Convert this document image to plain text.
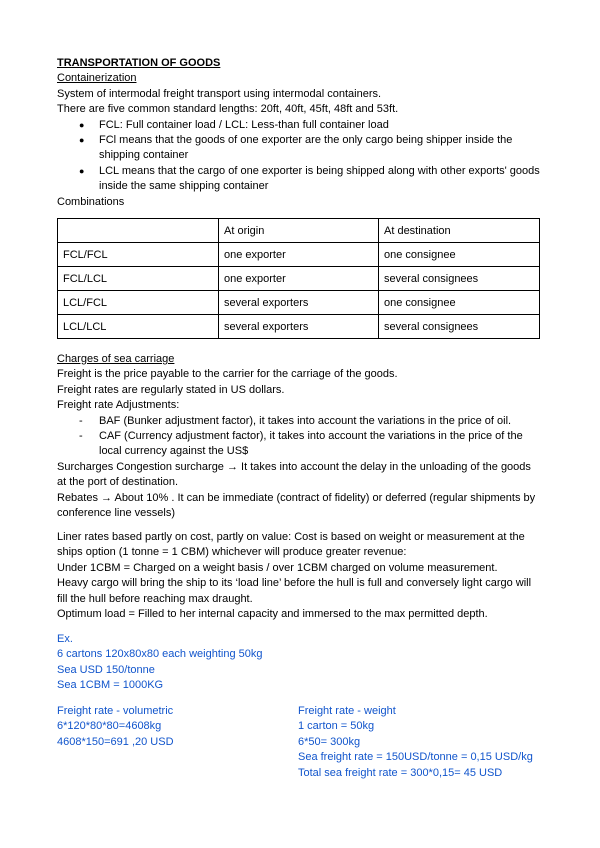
TRANSPORTATION OF GOODS
Containerization
System of intermodal freight transport using intermodal containers.
There are five common standard lengths: 20ft, 40ft, 45ft, 48ft and 53ft.
● FCL: Full container load / LCL: Less-than full container load
● FCl means that the goods of one exporter are the only cargo being shipper inside the shipping container
● LCL means that the cargo of one exporter is being shipped along with other exports' goods inside the same shipping container
Combinations
	At origin	At destination
FCL/FCL	one exporter	one consignee
FCL/LCL	one exporter	several consignees
LCL/FCL	several exporters	one consignee
LCL/LCL	several exporters	several consignees
Charges of sea carriage
Freight is the price payable to the carrier for the carriage of the goods.
Freight rates are regularly stated in US dollars.
Freight rate Adjustments:
- BAF (Bunker adjustment factor), it takes into account the variations in the price of oil.
- CAF (Currency adjustment factor), it takes into account the variations in the price of the local currency against the US$
Surcharges Congestion surcharge → It takes into account the delay in the unloading of the goods at the port of destination.
Rebates → About 10% . It can be immediate (contract of fidelity) or deferred (regular shipments by conference line vessels)
Liner rates based partly on cost, partly on value: Cost is based on weight or measurement at the ships option (1 tonne = 1 CBM) whichever will produce greater revenue:
Under 1CBM = Charged on a weight basis / over 1CBM charged on volume measurement.
Heavy cargo will bring the ship to its ‘load line’ before the hull is full and conversely light cargo will fill the hull before reaching max draught.
Optimum load = Filled to her internal capacity and immersed to the max permitted depth.
Ex.
6 cartons 120x80x80 each weighting 50kg
Sea USD 150/tonne
Sea 1CBM = 1000KG
Freight rate - volumetric
6*120*80*80=4608kg
4608*150=691 ,20 USD
Freight rate - weight
1 carton = 50kg
6*50= 300kg
Sea freight rate = 150USD/tonne = 0,15 USD/kg
Total sea freight rate = 300*0,15= 45 USD
